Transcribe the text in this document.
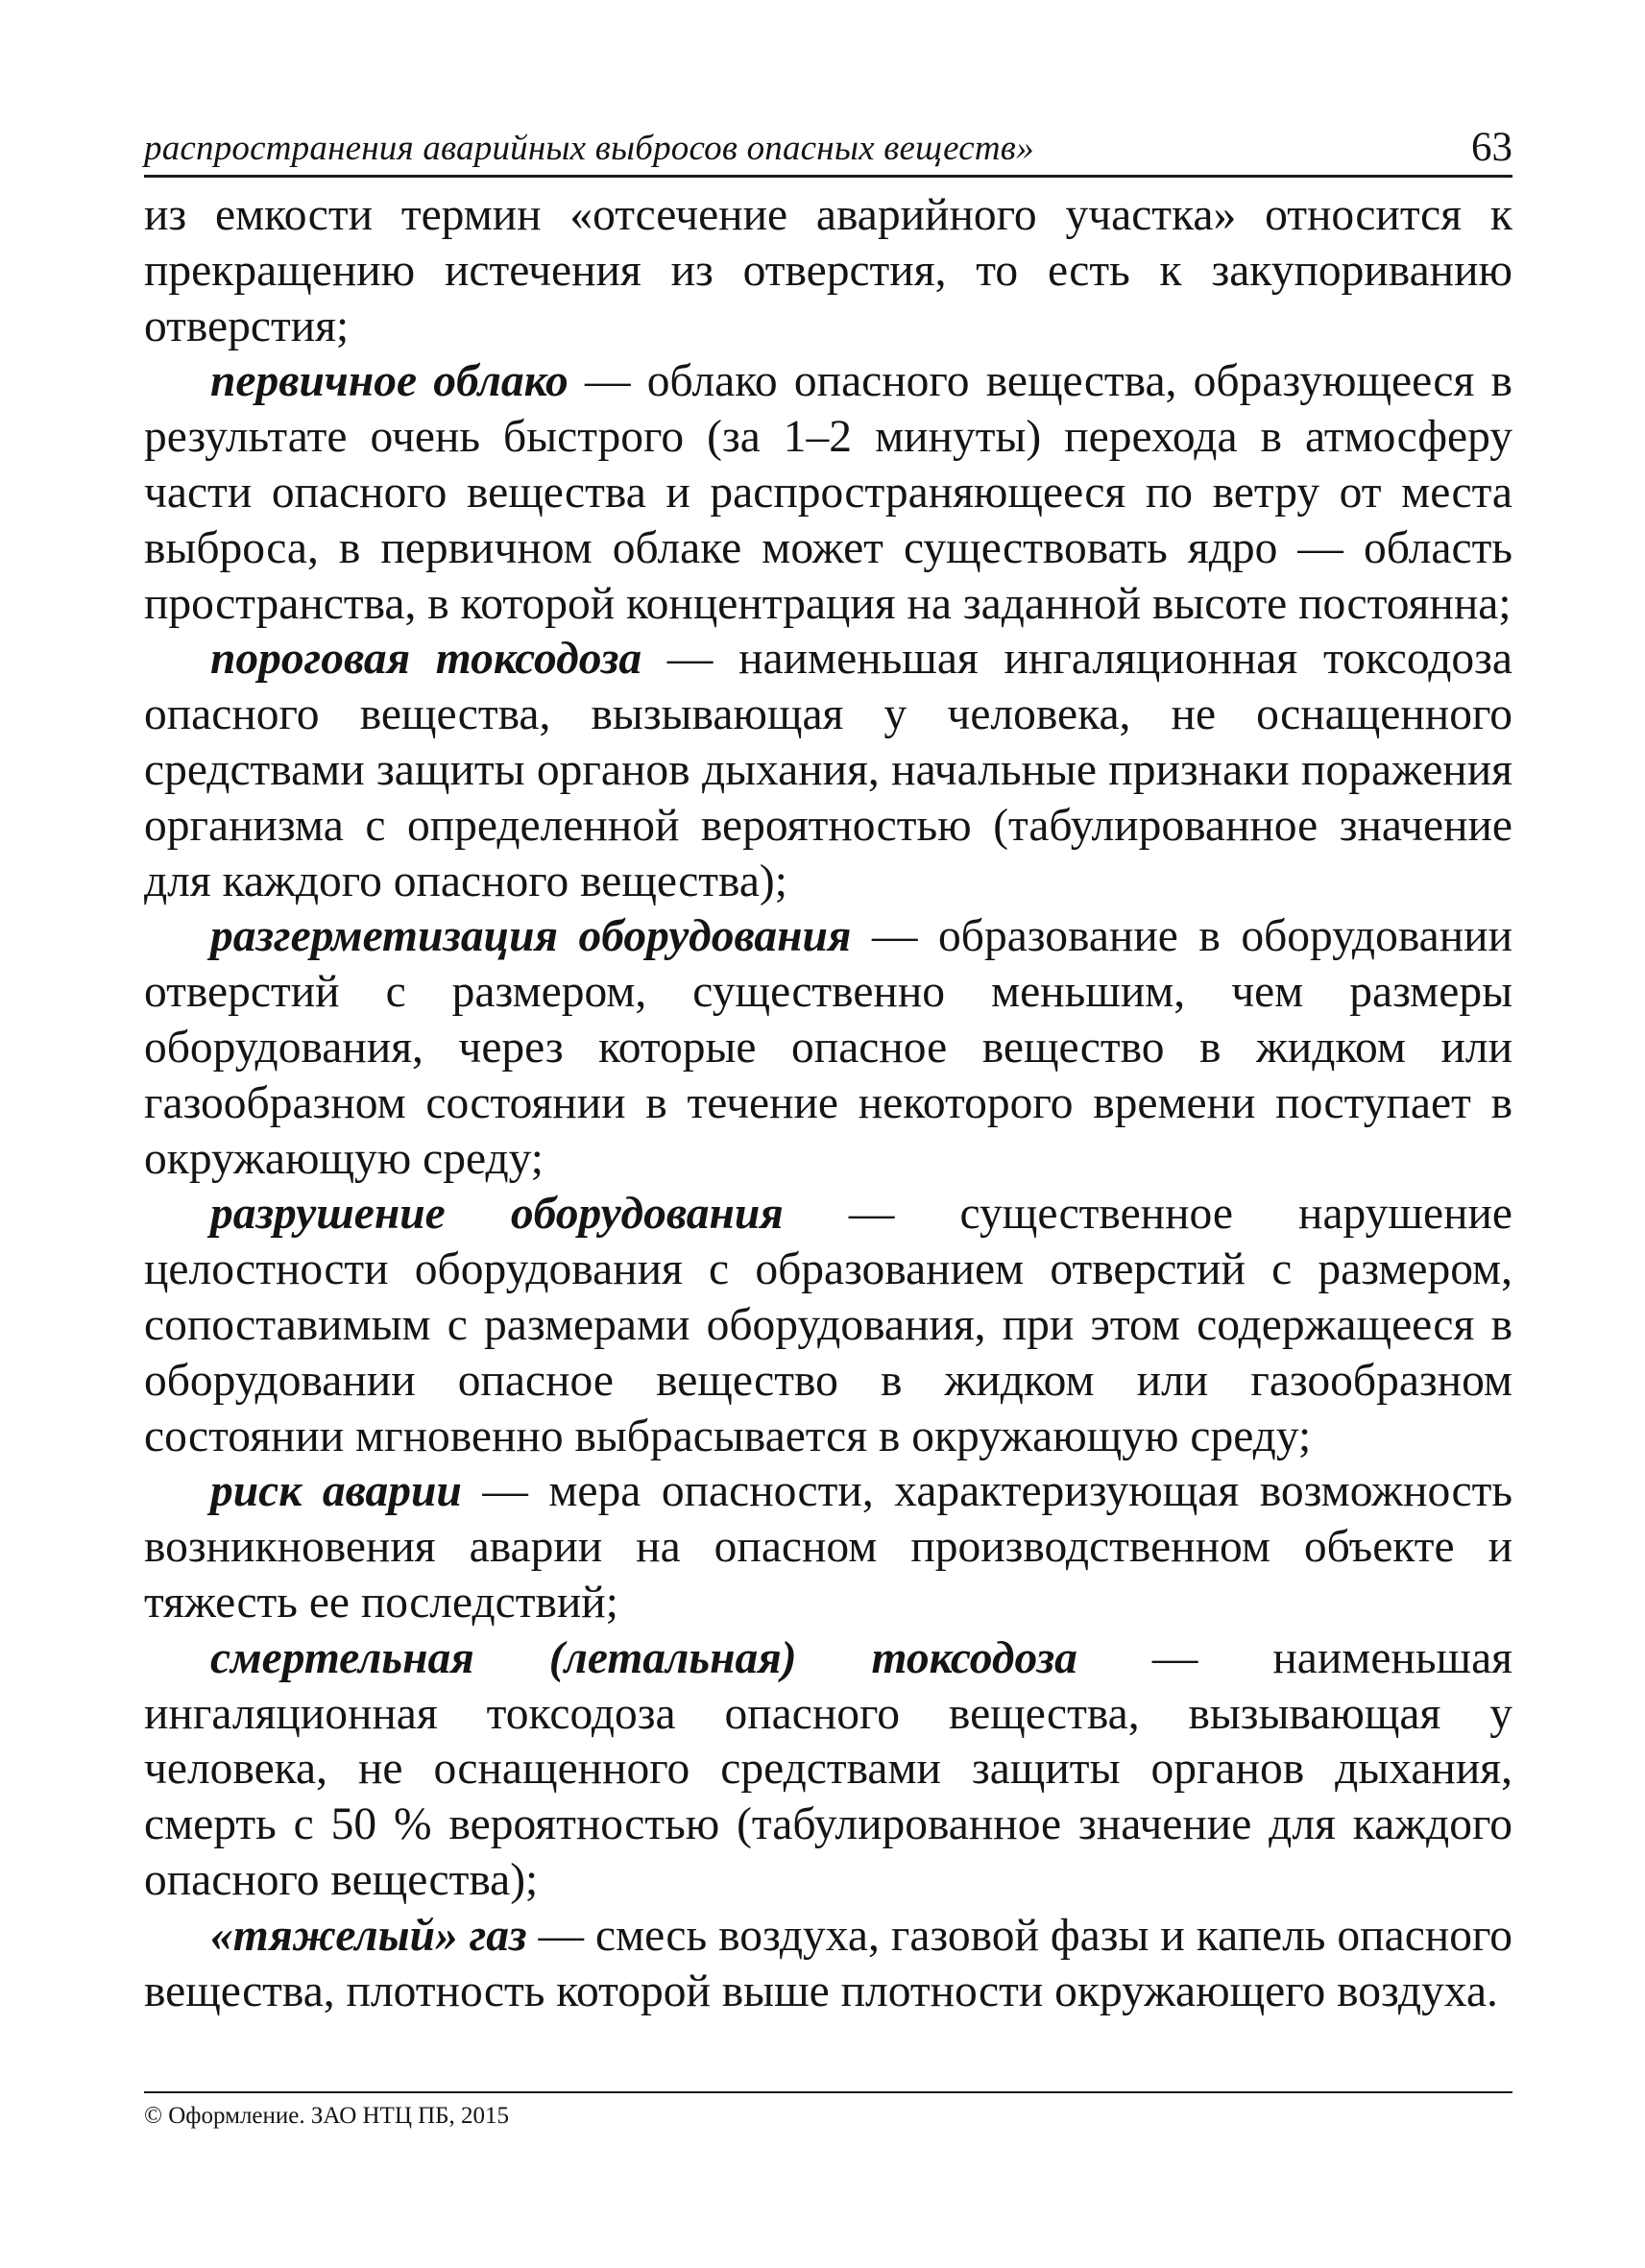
распространения аварийных выбросов опасных веществ»	63

из емкости термин «отсечение аварийного участка» относится к прекращению истечения из отверстия, то есть к закупориванию отверстия;

первичное облако — облако опасного вещества, образующееся в результате очень быстрого (за 1–2 минуты) перехода в атмосферу части опасного вещества и распространяющееся по ветру от места выброса, в первичном облаке может существовать ядро — область пространства, в которой концентрация на заданной высоте постоянна;

пороговая токсодоза — наименьшая ингаляционная токсодоза опасного вещества, вызывающая у человека, не оснащенного средствами защиты органов дыхания, начальные признаки поражения организма с определенной вероятностью (табулированное значение для каждого опасного вещества);

разгерметизация оборудования — образование в оборудовании отверстий с размером, существенно меньшим, чем размеры оборудования, через которые опасное вещество в жидком или газообразном состоянии в течение некоторого времени поступает в окружающую среду;

разрушение оборудования — существенное нарушение целостности оборудования с образованием отверстий с размером, сопоставимым с размерами оборудования, при этом содержащееся в оборудовании опасное вещество в жидком или газообразном состоянии мгновенно выбрасывается в окружающую среду;

риск аварии — мера опасности, характеризующая возможность возникновения аварии на опасном производственном объекте и тяжесть ее последствий;

смертельная (летальная) токсодоза — наименьшая ингаляционная токсодоза опасного вещества, вызывающая у человека, не оснащенного средствами защиты органов дыхания, смерть с 50 % вероятностью (табулированное значение для каждого опасного вещества);

«тяжелый» газ — смесь воздуха, газовой фазы и капель опасного вещества, плотность которой выше плотности окружающего воздуха.

© Оформление. ЗАО НТЦ ПБ, 2015
